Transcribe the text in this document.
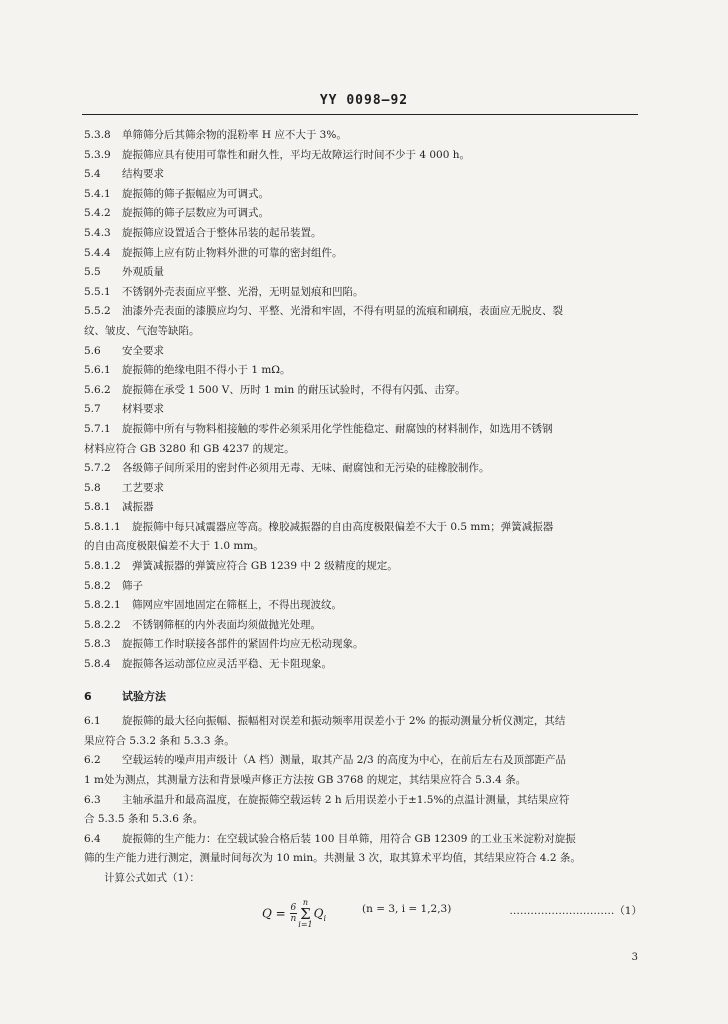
YY 0098—92
5.3.8 单筛筛分后其筛余物的混粉率 H 应不大于 3%。
5.3.9 旋振筛应具有使用可靠性和耐久性，平均无故障运行时间不少于 4 000 h。
5.4 结构要求
5.4.1 旋振筛的筛子振幅应为可调式。
5.4.2 旋振筛的筛子层数应为可调式。
5.4.3 旋振筛应设置适合于整体吊装的起吊装置。
5.4.4 旋振筛上应有防止物料外泄的可靠的密封组件。
5.5 外观质量
5.5.1 不锈钢外壳表面应平整、光滑，无明显划痕和凹陷。
5.5.2 油漆外壳表面的漆膜应均匀、平整、光滑和牢固，不得有明显的流痕和刷痕，表面应无脱皮、裂
纹、皱皮、气泡等缺陷。
5.6 安全要求
5.6.1 旋振筛的绝缘电阻不得小于 1 mΩ。
5.6.2 旋振筛在承受 1 500 V、历时 1 min 的耐压试验时，不得有闪弧、击穿。
5.7 材料要求
5.7.1 旋振筛中所有与物料相接触的零件必须采用化学性能稳定、耐腐蚀的材料制作，如选用不锈钢
材料应符合 GB 3280 和 GB 4237 的规定。
5.7.2 各级筛子间所采用的密封件必须用无毒、无味、耐腐蚀和无污染的硅橡胶制作。
5.8 工艺要求
5.8.1 减振器
5.8.1.1 旋振筛中每只减震器应等高。橡胶减振器的自由高度极限偏差不大于 0.5 mm；弹簧减振器
的自由高度极限偏差不大于 1.0 mm。
5.8.1.2 弹簧减振器的弹簧应符合 GB 1239 中 2 级精度的规定。
5.8.2 筛子
5.8.2.1 筛网应牢固地固定在筛框上，不得出现波纹。
5.8.2.2 不锈钢筛框的内外表面均须做抛光处理。
5.8.3 旋振筛工作时联接各部件的紧固件均应无松动现象。
5.8.4 旋振筛各运动部位应灵活平稳、无卡阻现象。
6	试验方法
6.1 旋振筛的最大径向振幅、振幅相对误差和振动频率用误差小于 2% 的振动测量分析仪测定，其结
果应符合 5.3.2 条和 5.3.3 条。
6.2 空载运转的噪声用声级计（A 档）测量，取其产品 2/3 的高度为中心，在前后左右及顶部距产品
1 m处为测点，其测量方法和背景噪声修正方法按 GB 3768 的规定，其结果应符合 5.3.4 条。
6.3 主轴承温升和最高温度，在旋振筛空载运转 2 h 后用误差小于±1.5%的点温计测量，其结果应符
合 5.3.5 条和 5.3.6 条。
6.4 旋振筛的生产能力：在空载试验合格后装 100 目单筛，用符合 GB 12309 的工业玉米淀粉对旋振
筛的生产能力进行测定，测量时间每次为 10 min。共测量 3 次，取其算术平均值，其结果应符合 4.2 条。
计算公式如式（1）：
$Q = \frac{6}{n}n$
Σ
$i=1Q_i$
(n = 3, i = 1,2,3)	…………………………（1）
3
